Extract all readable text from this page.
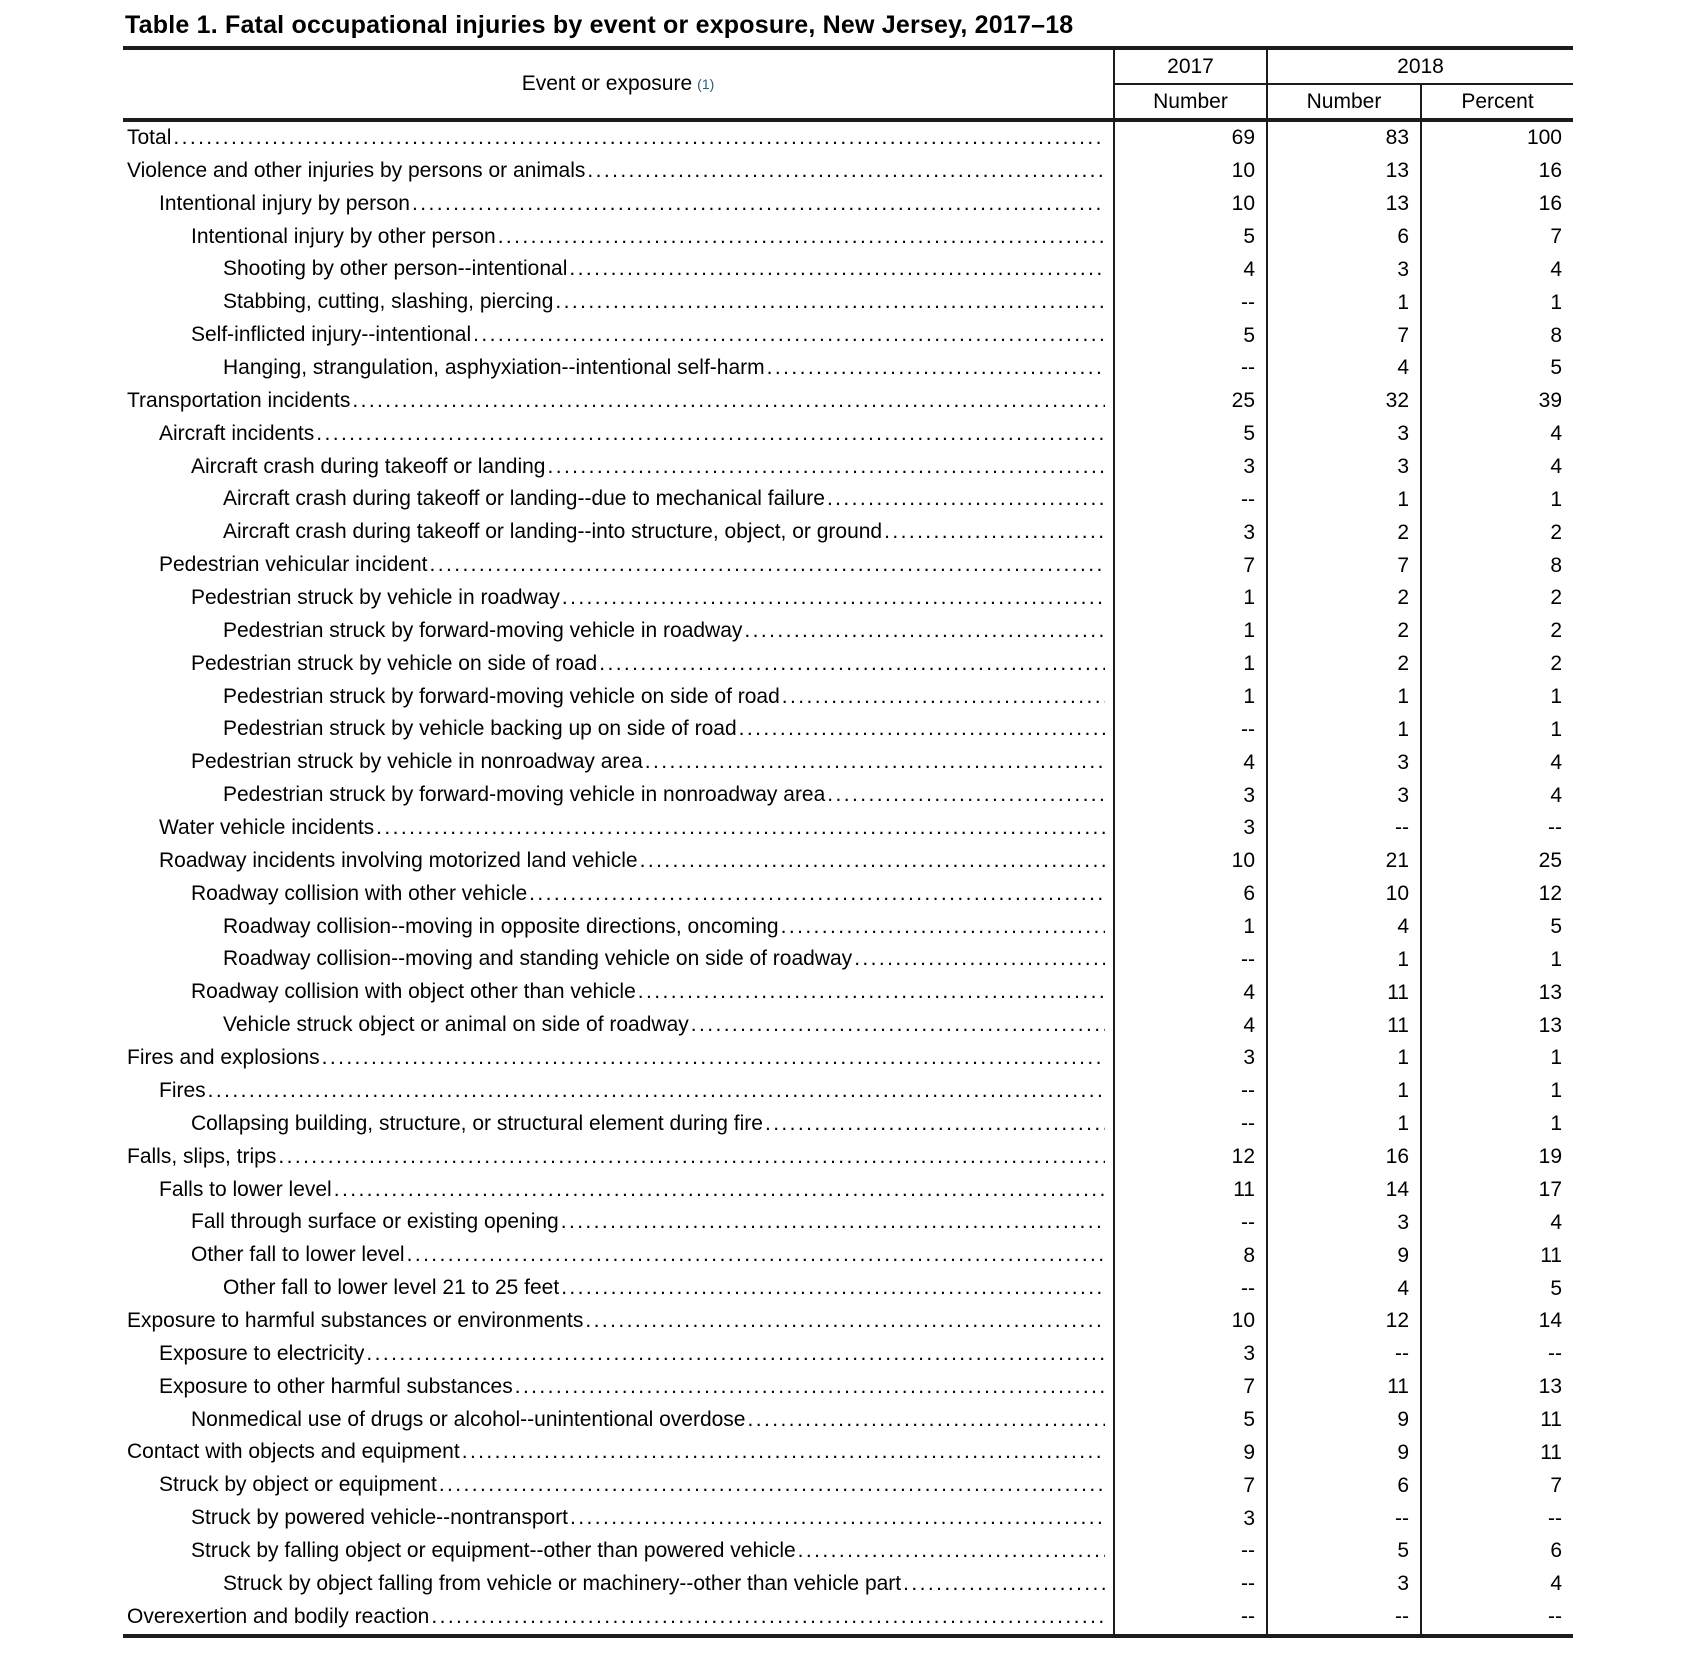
Table 1. Fatal occupational injuries by event or exposure, New Jersey, 2017–18
Event or exposure (1)
2017	2018
Number	Number	Percent
Total .....	69	83	100
Violence and other injuries by persons or animals .....	10	13	16
Intentional injury by person .....	10	13	16
Intentional injury by other person .....	5	6	7
Shooting by other person--intentional .....	4	3	4
Stabbing, cutting, slashing, piercing .....	--	1	1
Self-inflicted injury--intentional .....	5	7	8
Hanging, strangulation, asphyxiation--intentional self-harm .....	--	4	5
Transportation incidents .....	25	32	39
Aircraft incidents .....	5	3	4
Aircraft crash during takeoff or landing .....	3	3	4
Aircraft crash during takeoff or landing--due to mechanical failure .....	--	1	1
Aircraft crash during takeoff or landing--into structure, object, or ground .....	3	2	2
Pedestrian vehicular incident .....	7	7	8
Pedestrian struck by vehicle in roadway .....	1	2	2
Pedestrian struck by forward-moving vehicle in roadway .....	1	2	2
Pedestrian struck by vehicle on side of road .....	1	2	2
Pedestrian struck by forward-moving vehicle on side of road .....	1	1	1
Pedestrian struck by vehicle backing up on side of road .....	--	1	1
Pedestrian struck by vehicle in nonroadway area .....	4	3	4
Pedestrian struck by forward-moving vehicle in nonroadway area .....	3	3	4
Water vehicle incidents .....	3	--	--
Roadway incidents involving motorized land vehicle .....	10	21	25
Roadway collision with other vehicle .....	6	10	12
Roadway collision--moving in opposite directions, oncoming .....	1	4	5
Roadway collision--moving and standing vehicle on side of roadway .....	--	1	1
Roadway collision with object other than vehicle .....	4	11	13
Vehicle struck object or animal on side of roadway .....	4	11	13
Fires and explosions .....	3	1	1
Fires .....	--	1	1
Collapsing building, structure, or structural element during fire .....	--	1	1
Falls, slips, trips .....	12	16	19
Falls to lower level .....	11	14	17
Fall through surface or existing opening .....	--	3	4
Other fall to lower level .....	8	9	11
Other fall to lower level 21 to 25 feet .....	--	4	5
Exposure to harmful substances or environments .....	10	12	14
Exposure to electricity .....	3	--	--
Exposure to other harmful substances .....	7	11	13
Nonmedical use of drugs or alcohol--unintentional overdose .....	5	9	11
Contact with objects and equipment .....	9	9	11
Struck by object or equipment .....	7	6	7
Struck by powered vehicle--nontransport .....	3	--	--
Struck by falling object or equipment--other than powered vehicle .....	--	5	6
Struck by object falling from vehicle or machinery--other than vehicle part .....	--	3	4
Overexertion and bodily reaction .....	--	--	--
